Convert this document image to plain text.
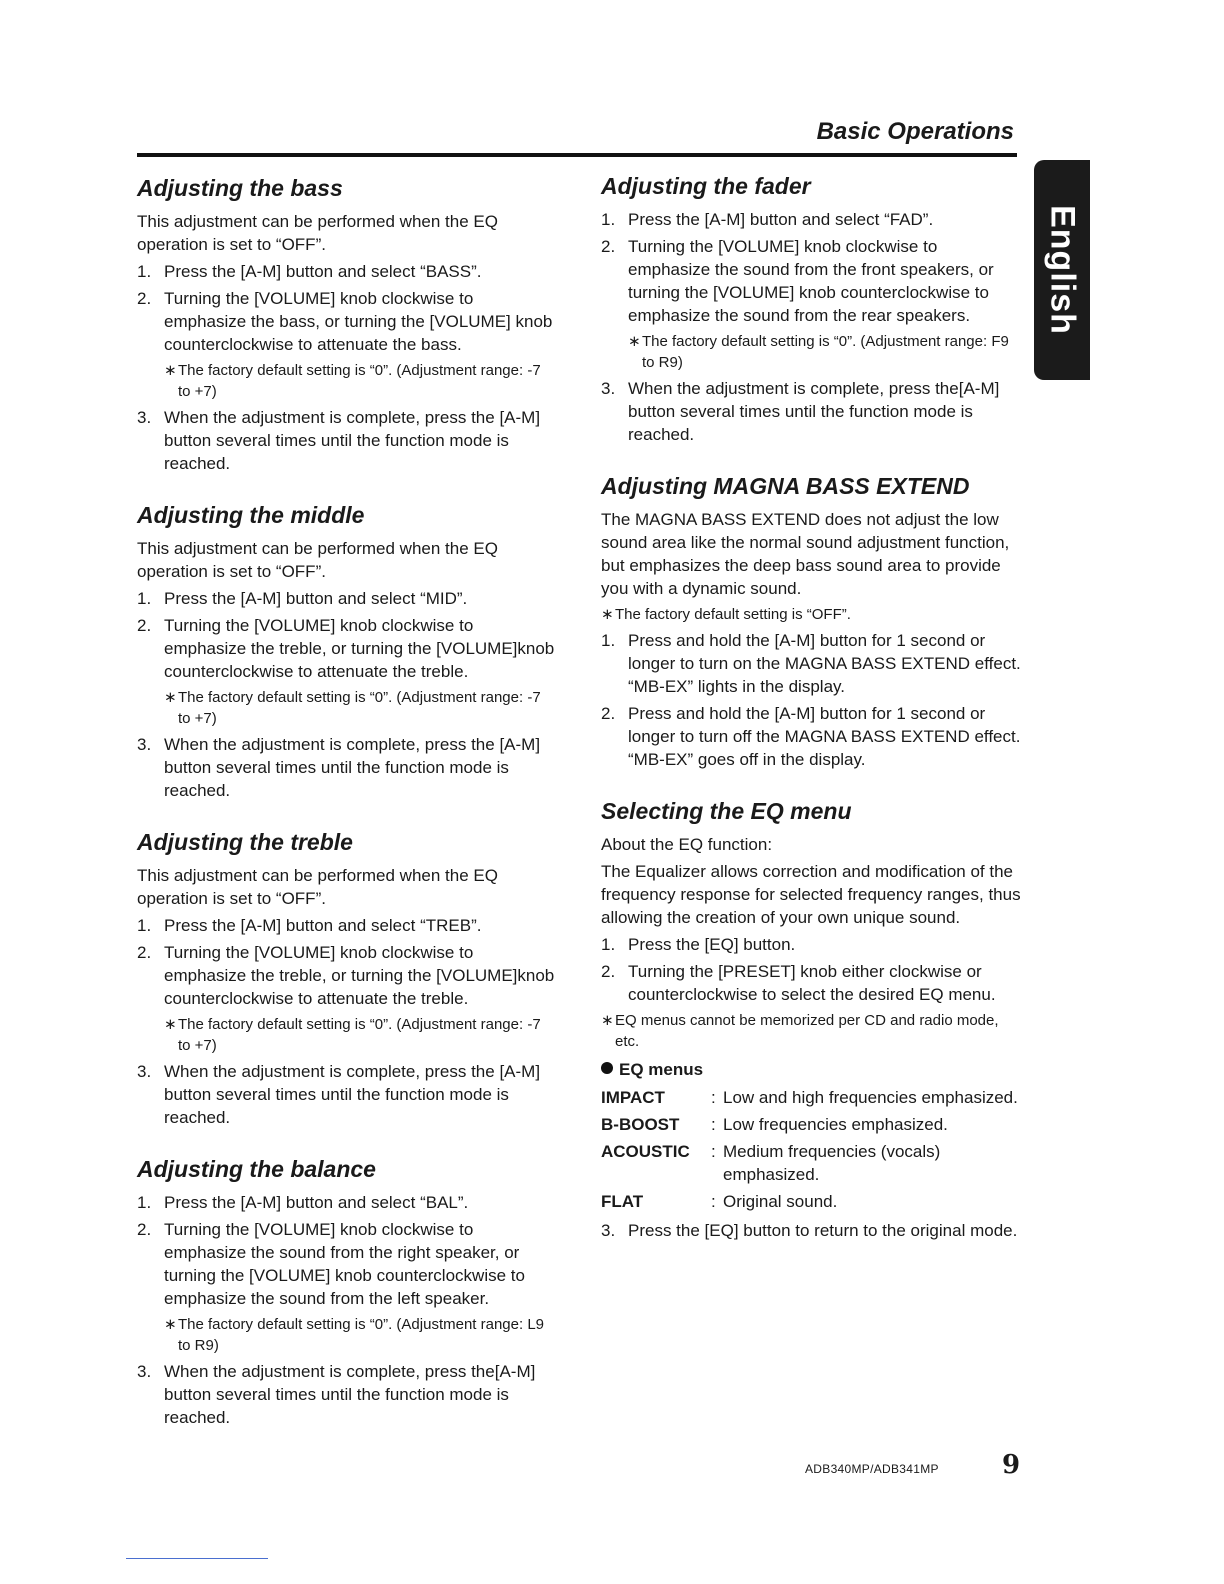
Basic Operations
English
Adjusting the bass

This adjustment can be performed when the EQ operation is set to “OFF”.

1. Press the [A-M] button and select “BASS”.
2. Turning the [VOLUME] knob clockwise to emphasize the bass, or turning the [VOLUME] knob counterclockwise to attenuate the bass.
∗ The factory default setting is “0”. (Adjustment range: -7 to +7)
3. When the adjustment is complete, press the [A-M] button several times until the function mode is reached.
Adjusting the middle

This adjustment can be performed when the EQ operation is set to “OFF”.

1. Press the [A-M] button and select “MID”.
2. Turning the [VOLUME] knob clockwise to emphasize the treble, or turning the [VOLUME]knob counterclockwise to attenuate the treble.
∗ The factory default setting is “0”. (Adjustment range: -7 to +7)
3. When the adjustment is complete, press the [A-M] button several times until the function mode is reached.
Adjusting the treble

This adjustment can be performed when the EQ operation is set to “OFF”.

1. Press the [A-M] button and select “TREB”.
2. Turning the [VOLUME] knob clockwise to emphasize the treble, or turning the [VOLUME]knob counterclockwise to attenuate the treble.
∗ The factory default setting is “0”. (Adjustment range: -7 to +7)
3. When the adjustment is complete, press the [A-M] button several times until the function mode is reached.
Adjusting the balance
1. Press the [A-M] button and select “BAL”.
2. Turning the [VOLUME] knob clockwise to emphasize the sound from the right speaker, or turning the [VOLUME] knob counterclockwise to emphasize the sound from the left speaker.
∗ The factory default setting is “0”. (Adjustment range: L9 to R9)
3. When the adjustment is complete, press the[A-M] button several times until the function mode is reached.
Adjusting the fader
1. Press the [A-M] button and select “FAD”.
2. Turning the [VOLUME] knob clockwise to emphasize the sound from the front speakers, or turning the [VOLUME] knob counterclockwise to emphasize the sound from the rear speakers.
∗ The factory default setting is “0”. (Adjustment range: F9 to R9)
3. When the adjustment is complete, press the[A-M] button several times until the function mode is reached.
Adjusting MAGNA BASS EXTEND

The MAGNA BASS EXTEND does not adjust the low sound area like the normal sound adjustment function, but emphasizes the deep bass sound area to provide you with a dynamic sound.

∗ The factory default setting is “OFF”.
1. Press and hold the [A-M] button for 1 second or longer to turn on the MAGNA BASS EXTEND effect. “MB-EX” lights in the display.
2. Press and hold the [A-M] button for 1 second or longer to turn off the MAGNA BASS EXTEND effect. “MB-EX” goes off in the display.
Selecting the EQ menu

About the EQ function:

The Equalizer allows correction and modification of the frequency response for selected frequency ranges, thus allowing the creation of your own unique sound.

1. Press the [EQ] button.
2. Turning the [PRESET] knob either clockwise or counterclockwise to select the desired EQ menu.
∗ EQ menus cannot be memorized per CD and radio mode, etc.
EQ menus
IMPACT	:	Low and high frequencies emphasized.
B-BOOST	:	Low frequencies emphasized.
ACOUSTIC	:	Medium frequencies (vocals) emphasized.
FLAT	:	Original sound.
3. Press the [EQ] button to return to the original mode.
ADB340MP/ADB341MP 9
